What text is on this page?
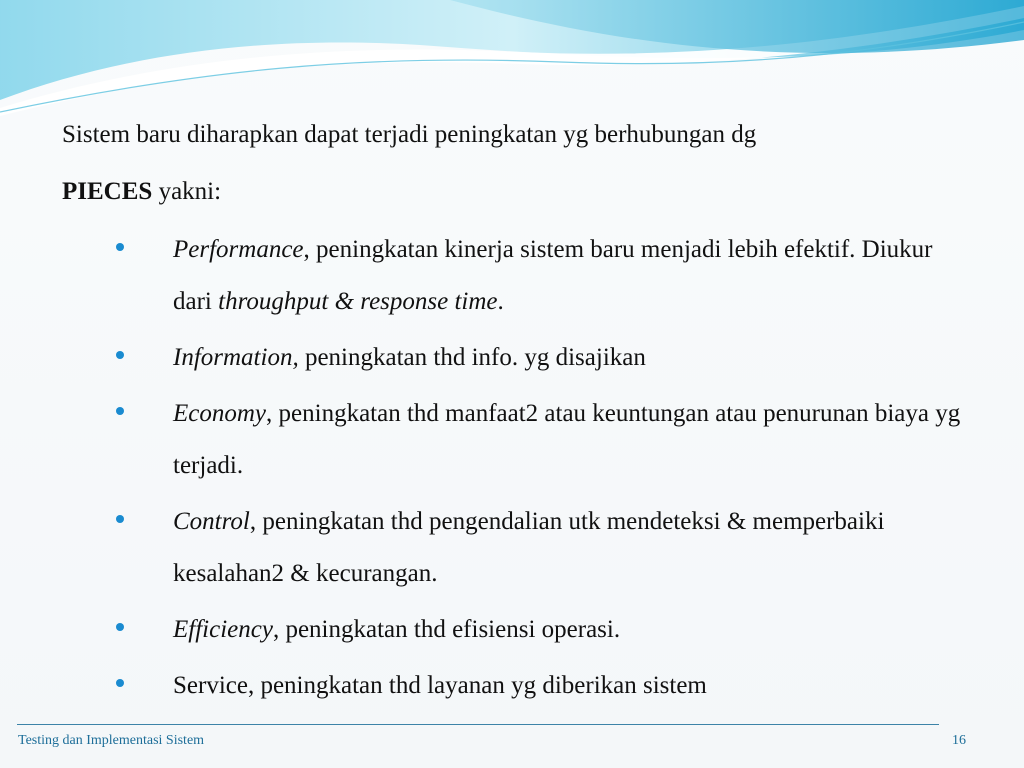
Sistem baru diharapkan dapat terjadi peningkatan yg berhubungan dg
PIECES yakni:

Performance, peningkatan kinerja sistem baru menjadi lebih efektif. Diukur dari throughput & response time.
Information, peningkatan thd info. yg disajikan
Economy, peningkatan thd manfaat2 atau keuntungan atau penurunan biaya yg terjadi.
Control, peningkatan thd pengendalian utk mendeteksi & memperbaiki kesalahan2 & kecurangan.
Efficiency, peningkatan thd efisiensi operasi.
Service, peningkatan thd layanan yg diberikan sistem
Testing dan Implementasi Sistem	16
